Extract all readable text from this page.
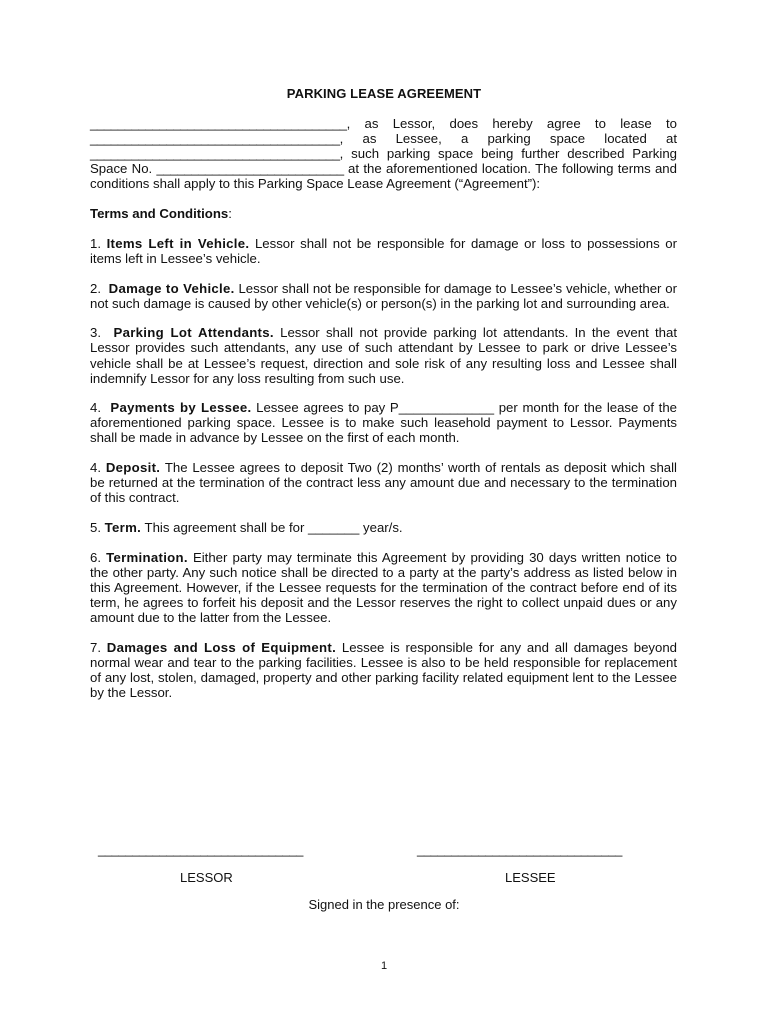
PARKING LEASE AGREEMENT

_____________________________________, as Lessor, does hereby agree to lease to ____________________________________, as Lessee, a parking space located at ____________________________________, such parking space being further described Parking Space No. ___________________________ at the aforementioned location. The following terms and conditions shall apply to this Parking Space Lease Agreement (“Agreement”):

Terms and Conditions:

1. Items Left in Vehicle. Lessor shall not be responsible for damage or loss to possessions or items left in Lessee’s vehicle.

2. Damage to Vehicle. Lessor shall not be responsible for damage to Lessee’s vehicle, whether or not such damage is caused by other vehicle(s) or person(s) in the parking lot and surrounding area.

3. Parking Lot Attendants. Lessor shall not provide parking lot attendants. In the event that Lessor provides such attendants, any use of such attendant by Lessee to park or drive Lessee’s vehicle shall be at Lessee’s request, direction and sole risk of any resulting loss and Lessee shall indemnify Lessor for any loss resulting from such use.

4. Payments by Lessee. Lessee agrees to pay P_____________ per month for the lease of the aforementioned parking space. Lessee is to make such leasehold payment to Lessor. Payments shall be made in advance by Lessee on the first of each month.

4. Deposit. The Lessee agrees to deposit Two (2) months’ worth of rentals as deposit which shall be returned at the termination of the contract less any amount due and necessary to the termination of this contract.

5. Term. This agreement shall be for _______ year/s.

6. Termination. Either party may terminate this Agreement by providing 30 days written notice to the other party. Any such notice shall be directed to a party at the party’s address as listed below in this Agreement. However, if the Lessee requests for the termination of the contract before end of its term, he agrees to forfeit his deposit and the Lessor reserves the right to collect unpaid dues or any amount due to the latter from the Lessee.

7. Damages and Loss of Equipment. Lessee is responsible for any and all damages beyond normal wear and tear to the parking facilities. Lessee is also to be held responsible for replacement of any lost, stolen, damaged, property and other parking facility related equipment lent to the Lessee by the Lessor.

______________________________	______________________________
LESSOR	LESSEE
Signed in the presence of:
1
